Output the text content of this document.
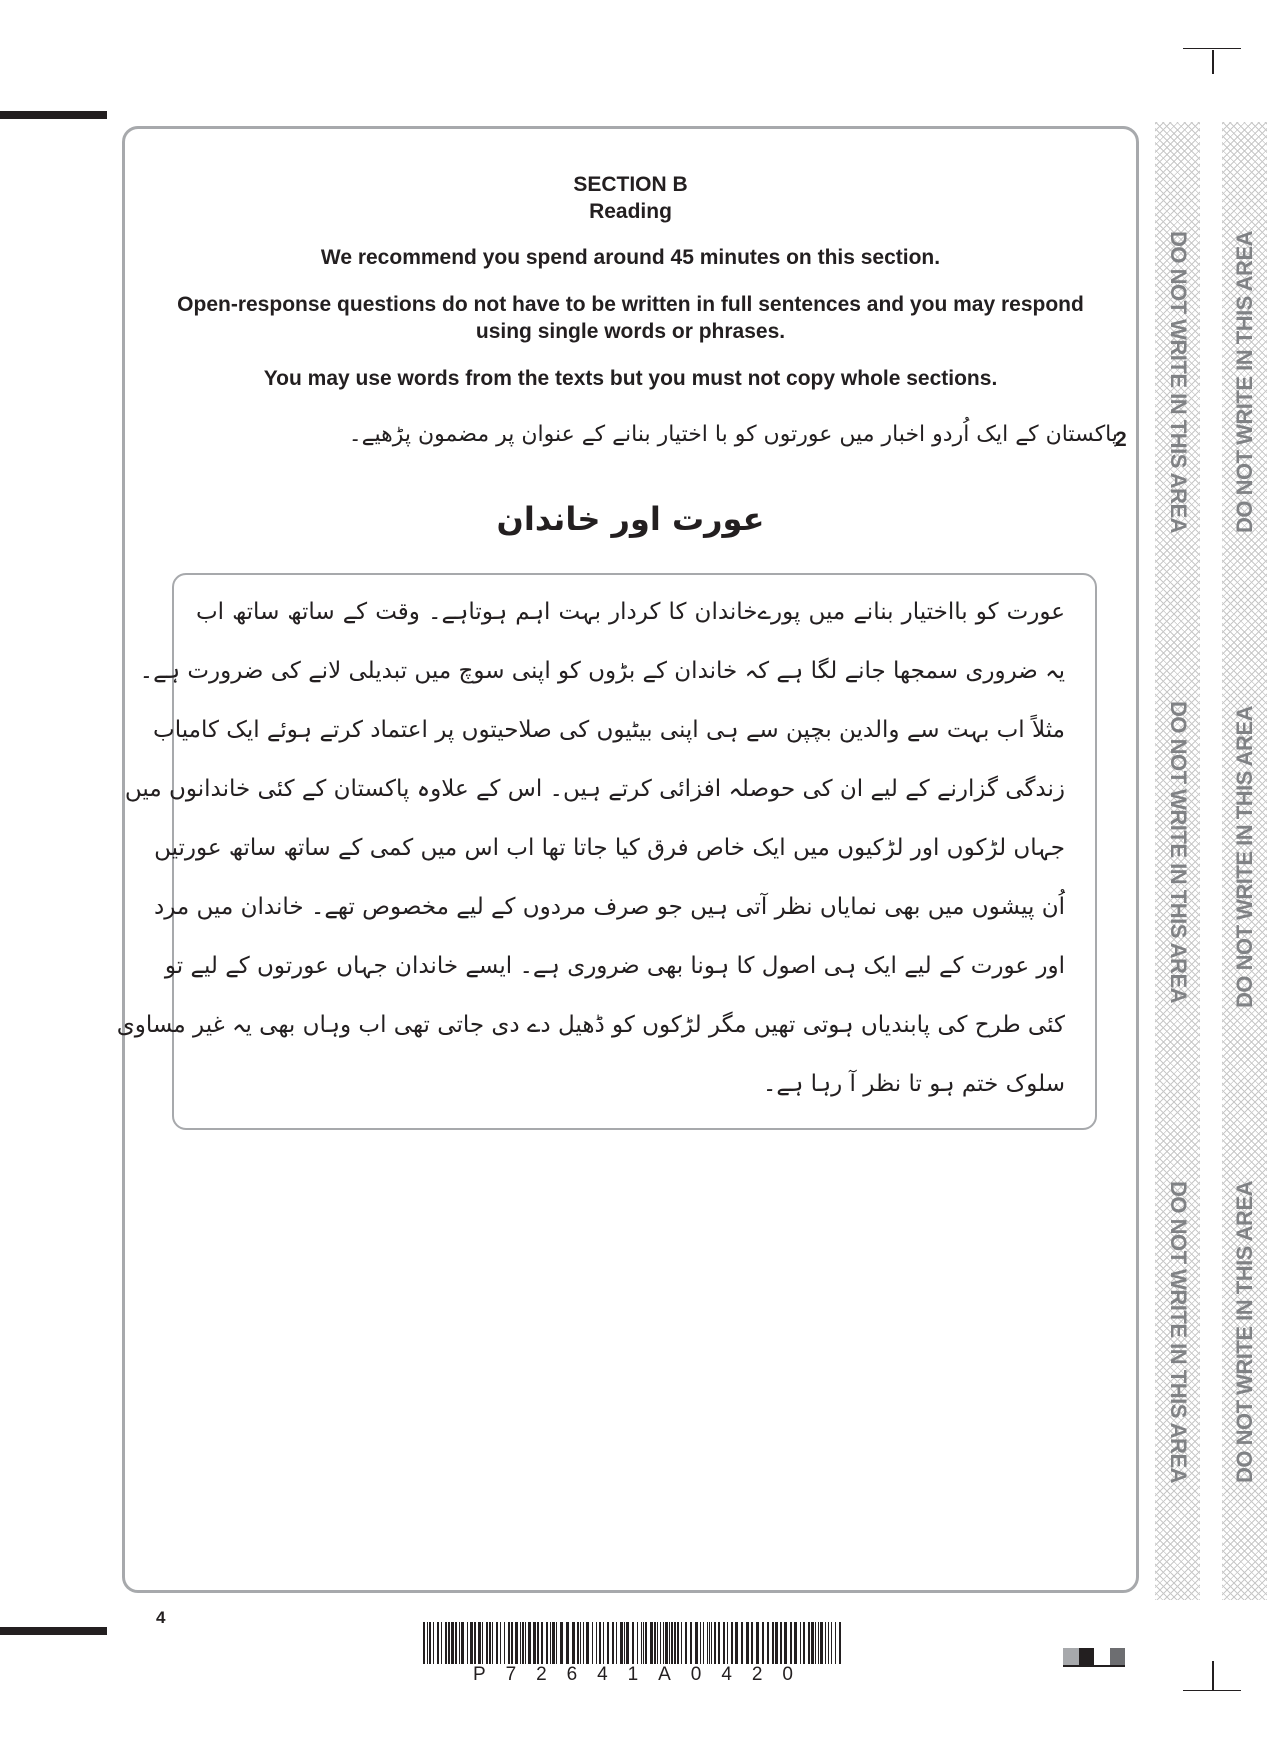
DO NOT WRITE IN THIS AREA
DO NOT WRITE IN THIS AREA
DO NOT WRITE IN THIS AREA
DO NOT WRITE IN THIS AREA
DO NOT WRITE IN THIS AREA
DO NOT WRITE IN THIS AREA
SECTION B
Reading
We recommend you spend around 45 minutes on this section.
Open-response questions do not have to be written in full sentences and you may respond
using single words or phrases.
You may use words from the texts but you must not copy whole sections.
2
پاکستان کے ایک اُردو اخبار میں عورتوں کو با اختیار بنانے کے عنوان پر مضمون پڑھیے۔
عورت اور خاندان
عورت کو بااختیار بنانے میں پورےخاندان کا کردار بہت اہم ہوتاہے۔ وقت کے ساتھ ساتھ اب
یہ ضروری سمجھا جانے لگا ہے کہ خاندان کے بڑوں کو اپنی سوچ میں تبدیلی لانے کی ضرورت ہے۔
مثلاً اب بہت سے والدین بچپن سے ہی اپنی بیٹیوں کی صلاحیتوں پر اعتماد کرتے ہوئے ایک کامیاب
زندگی گزارنے کے لیے ان کی حوصلہ افزائی کرتے ہیں۔ اس کے علاوہ پاکستان کے کئی خاندانوں میں
جہاں لڑکوں اور لڑکیوں میں ایک خاص فرق کیا جاتا تھا اب اس میں کمی کے ساتھ ساتھ عورتیں
اُن پیشوں میں بھی نمایاں نظر آتی ہیں جو صرف مردوں کے لیے مخصوص تھے۔ خاندان میں مرد
اور عورت کے لیے ایک ہی اصول کا ہونا بھی ضروری ہے۔ ایسے خاندان جہاں عورتوں کے لیے تو
کئی طرح کی پابندیاں ہوتی تھیں مگر لڑکوں کو ڈھیل دے دی جاتی تھی اب وہاں بھی یہ غیر مساوی
سلوک ختم ہو تا نظر آ رہا ہے۔
4
P 7 2 6 4 1 A 0 4 2 0
